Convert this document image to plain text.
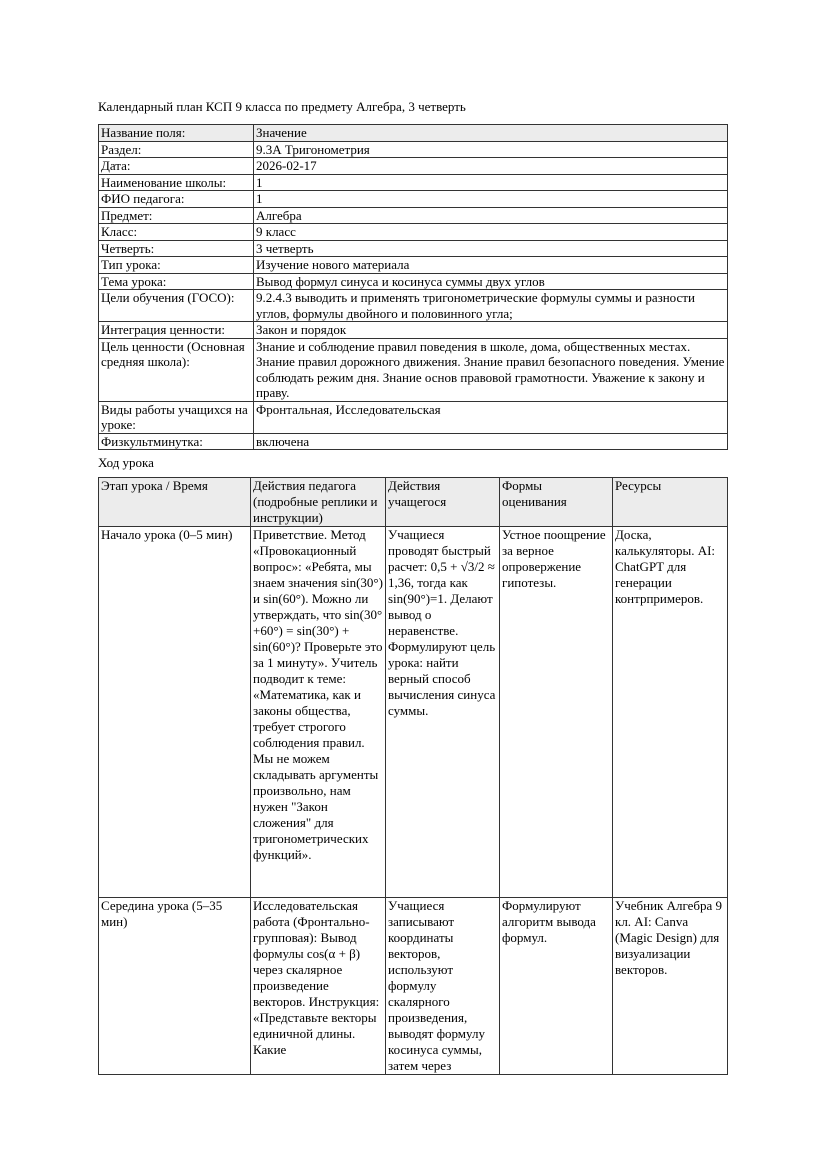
Календарный план КСП 9 класса по предмету Алгебра, 3 четверть

Название поля:	Значение
Раздел:	9.3А Тригонометрия
Дата:	2026-02-17
Наименование школы:	1
ФИО педагога:	1
Предмет:	Алгебра
Класс:	9 класс
Четверть:	3 четверть
Тип урока:	Изучение нового материала
Тема урока:	Вывод формул синуса и косинуса суммы двух углов
Цели обучения (ГОСО):	9.2.4.3 выводить и применять тригонометрические формулы суммы и разности углов, формулы двойного и половинного угла;
Интеграция ценности:	Закон и порядок
Цель ценности (Основная средняя школа):	Знание и соблюдение правил поведения в школе, дома, общественных местах. Знание правил дорожного движения. Знание правил безопасного поведения. Умение соблюдать режим дня. Знание основ правовой грамотности. Уважение к закону и праву.
Виды работы учащихся на уроке:	Фронтальная, Исследовательская
Физкультминутка:	включена

Ход урока

Этап урока / Время	Действия педагога (подробные реплики и инструкции)	Действия учащегося	Формы оценивания	Ресурсы

Начало урока (0–5 мин)	Приветствие. Метод «Провокационный вопрос»: «Ребята, мы знаем значения sin(30°) и sin(60°). Можно ли утверждать, что sin(30°+60°) = sin(30°) + sin(60°)? Проверьте это за 1 минуту». Учитель подводит к теме: «Математика, как и законы общества, требует строгого соблюдения правил. Мы не можем складывать аргументы произвольно, нам нужен "Закон сложения" для тригонометрических функций».	Учащиеся проводят быстрый расчет: 0,5 + √3/2 ≈ 1,36, тогда как sin(90°)=1. Делают вывод о неравенстве. Формулируют цель урока: найти верный способ вычисления синуса суммы.	Устное поощрение за верное опровержение гипотезы.	Доска, калькуляторы. AI: ChatGPT для генерации контрпримеров.

Середина урока (5–35 мин)	Исследовательская работа (Фронтально-групповая): Вывод формулы cos(α + β) через скалярное произведение векторов. Инструкция: «Представьте векторы единичной длины. Какие	Учащиеся записывают координаты векторов, используют формулу скалярного произведения, выводят формулу косинуса суммы, затем через	Формулируют алгоритм вывода формул.	Учебник Алгебра 9 кл. AI: Canva (Magic Design) для визуализации векторов.
